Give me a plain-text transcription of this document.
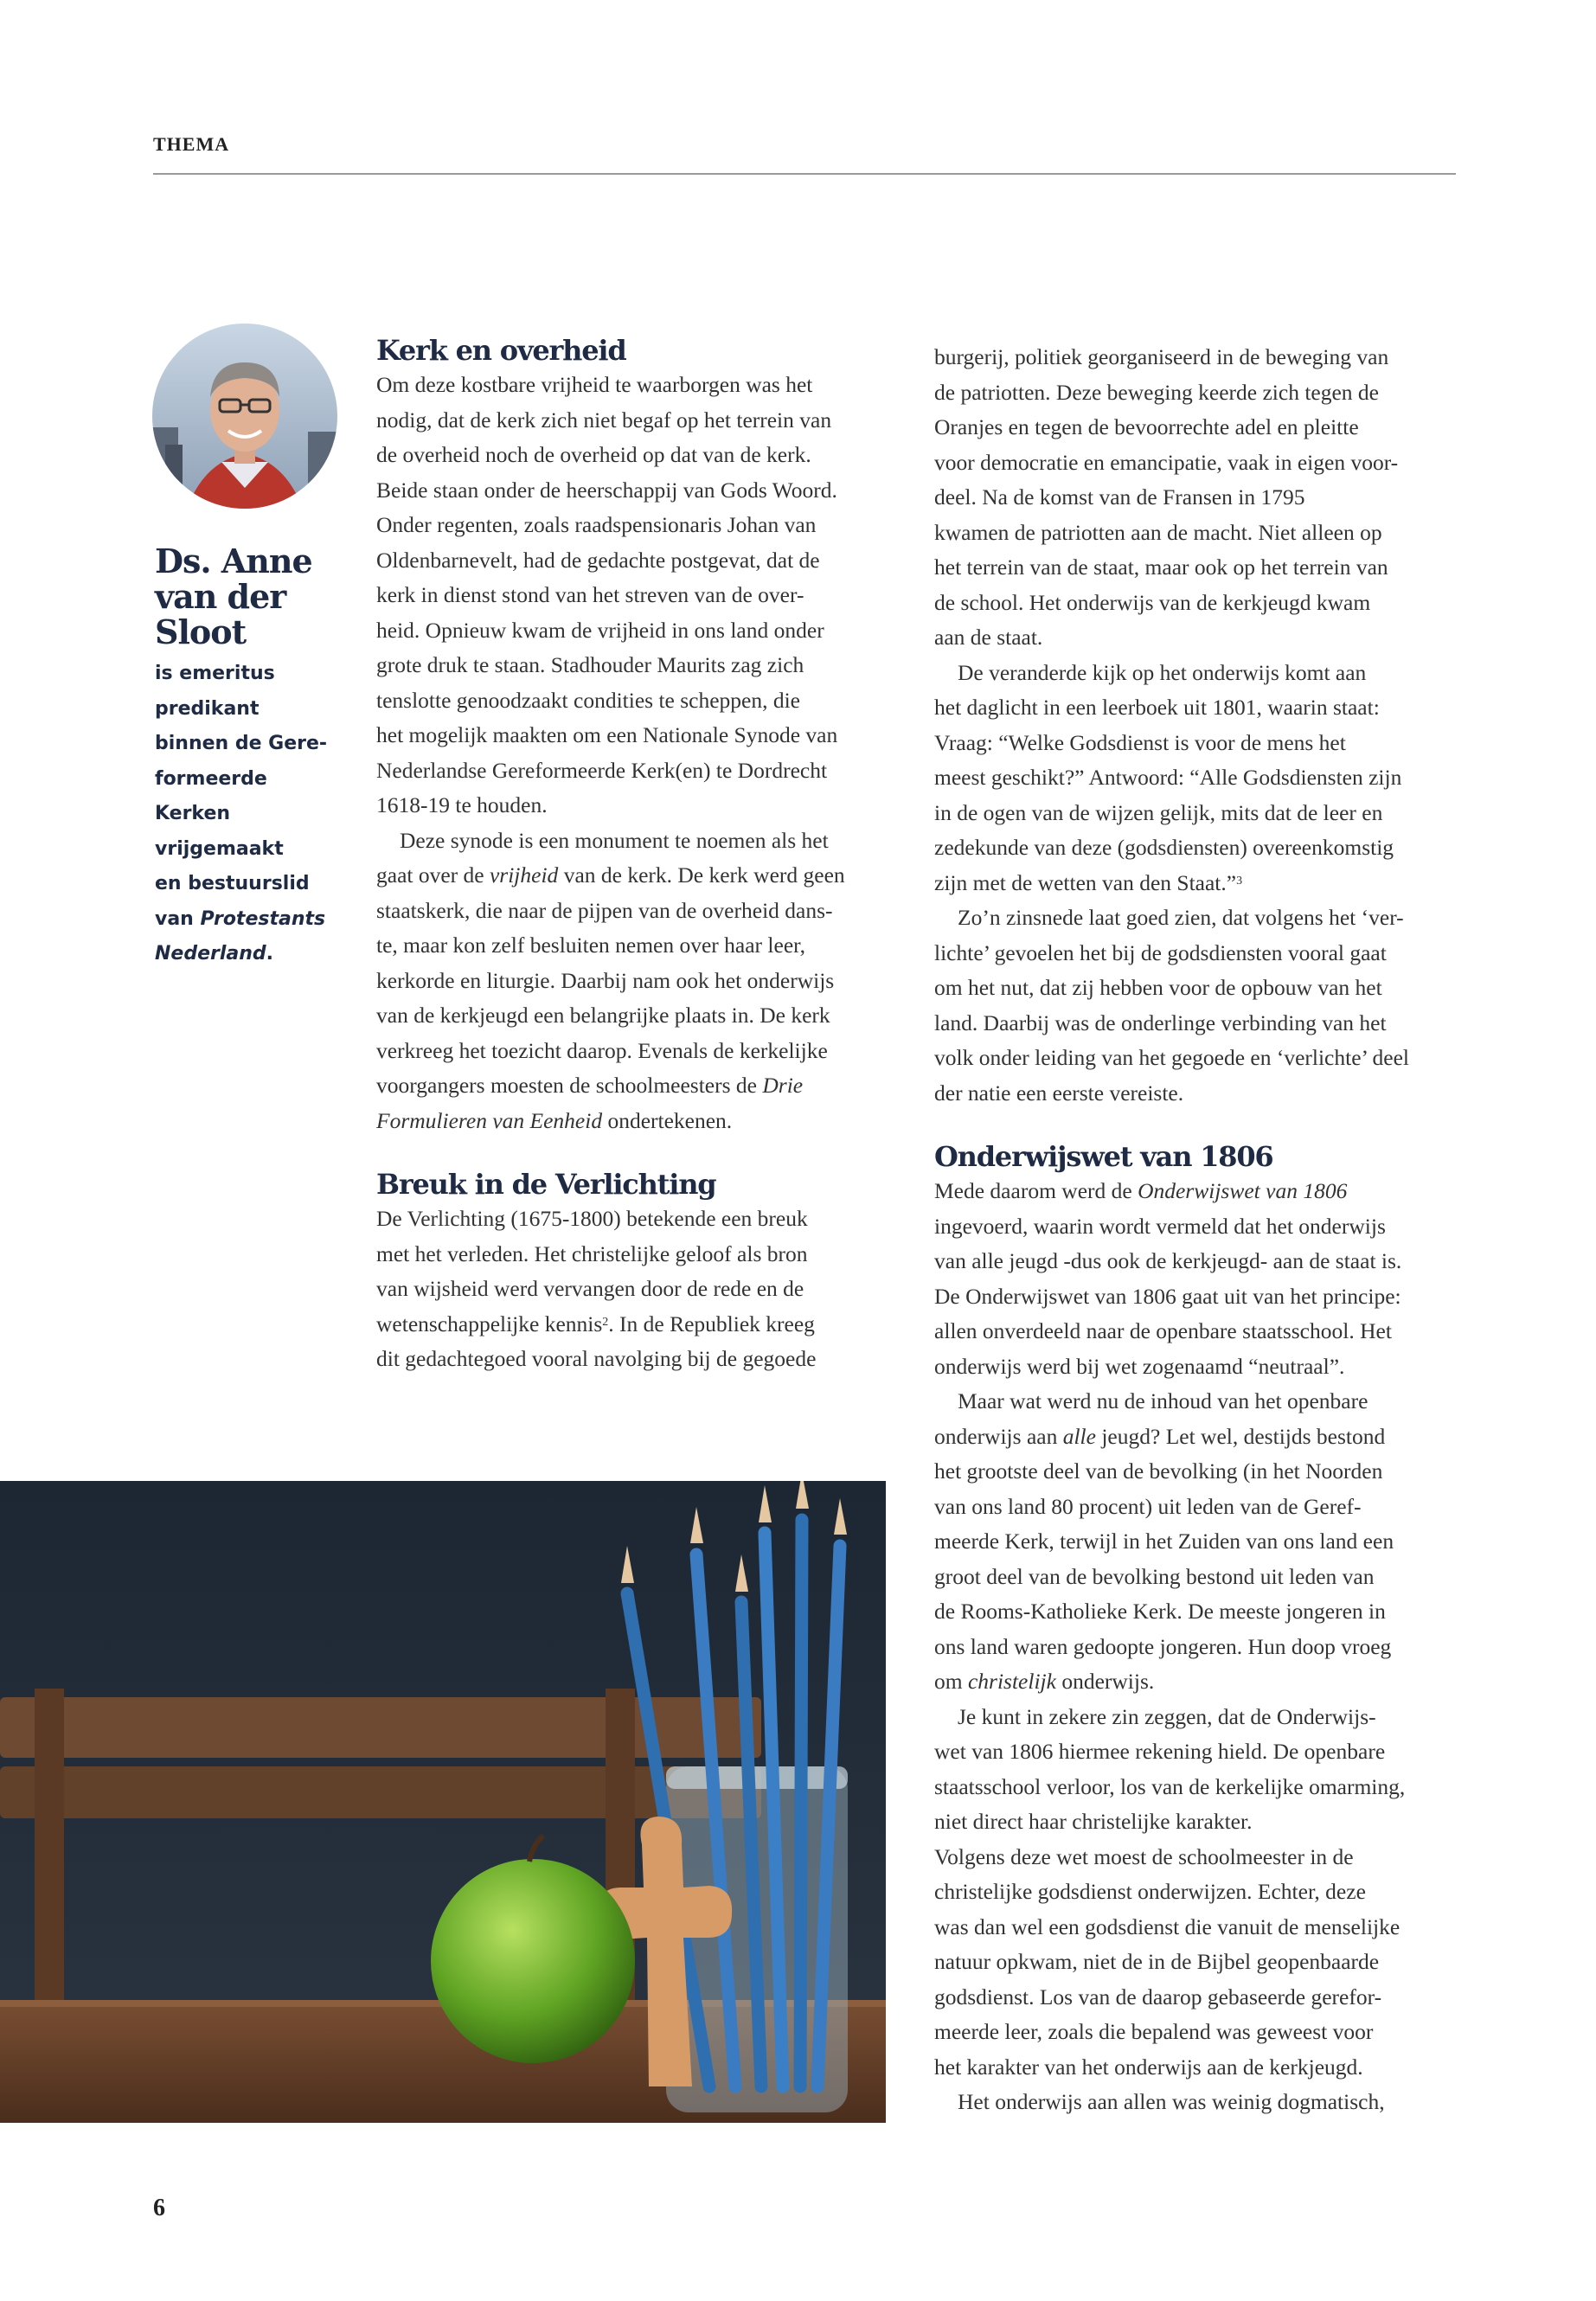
THEMA
Ds. Anne
van der
Sloot

is emeritus

predikant

binnen de Gere-

formeerde

Kerken

vrijgemaakt

en bestuurslid

van Protestants

Nederland.

Kerk en overheid

Om deze kostbare vrijheid te waarborgen was het

nodig, dat de kerk zich niet begaf op het terrein van

de overheid noch de overheid op dat van de kerk.

Beide staan onder de heerschappij van Gods Woord.

Onder regenten, zoals raadspensionaris Johan van

Oldenbarnevelt, had de gedachte postgevat, dat de

kerk in dienst stond van het streven van de over-

heid. Opnieuw kwam de vrijheid in ons land onder

grote druk te staan. Stadhouder Maurits zag zich

tenslotte genoodzaakt condities te scheppen, die

het mogelijk maakten om een Nationale Synode van

Nederlandse Gereformeerde Kerk(en) te Dordrecht

1618-19 te houden.

Deze synode is een monument te noemen als het

gaat over de vrijheid van de kerk. De kerk werd geen

staatskerk, die naar de pijpen van de overheid dans-

te, maar kon zelf besluiten nemen over haar leer,

kerkorde en liturgie. Daarbij nam ook het onderwijs

van de kerkjeugd een belangrijke plaats in. De kerk

verkreeg het toezicht daarop. Evenals de kerkelijke

voorgangers moesten de schoolmeesters de Drie

Formulieren van Eenheid ondertekenen.

Breuk in de Verlichting

De Verlichting (1675-1800) betekende een breuk

met het verleden. Het christelijke geloof als bron

van wijsheid werd vervangen door de rede en de

wetenschappelijke kennis$^2$. In de Republiek kreeg

dit gedachtegoed vooral navolging bij de gegoede

burgerij, politiek georganiseerd in de beweging van

de patriotten. Deze beweging keerde zich tegen de

Oranjes en tegen de bevoorrechte adel en pleitte

voor democratie en emancipatie, vaak in eigen voor-

deel. Na de komst van de Fransen in 1795

kwamen de patriotten aan de macht. Niet alleen op

het terrein van de staat, maar ook op het terrein van

de school. Het onderwijs van de kerkjeugd kwam

aan de staat.

De veranderde kijk op het onderwijs komt aan

het daglicht in een leerboek uit 1801, waarin staat:

Vraag: “Welke Godsdienst is voor de mens het

meest geschikt?” Antwoord: “Alle Godsdiensten zijn

in de ogen van de wijzen gelijk, mits dat de leer en

zedekunde van deze (godsdiensten) overeenkomstig

zijn met de wetten van den Staat.”$^3$

Zo’n zinsnede laat goed zien, dat volgens het ‘ver-

lichte’ gevoelen het bij de godsdiensten vooral gaat

om het nut, dat zij hebben voor de opbouw van het

land. Daarbij was de onderlinge verbinding van het

volk onder leiding van het gegoede en ‘verlichte’ deel

der natie een eerste vereiste.

Onderwijswet van 1806

Mede daarom werd de Onderwijswet van 1806

ingevoerd, waarin wordt vermeld dat het onderwijs

van alle jeugd -dus ook de kerkjeugd- aan de staat is.

De Onderwijswet van 1806 gaat uit van het principe:

allen onverdeeld naar de openbare staatsschool. Het

onderwijs werd bij wet zogenaamd “neutraal”.

Maar wat werd nu de inhoud van het openbare

onderwijs aan alle jeugd? Let wel, destijds bestond

het grootste deel van de bevolking (in het Noorden

van ons land 80 procent) uit leden van de Geref-

meerde Kerk, terwijl in het Zuiden van ons land een

groot deel van de bevolking bestond uit leden van

de Rooms-Katholieke Kerk. De meeste jongeren in

ons land waren gedoopte jongeren. Hun doop vroeg

om christelijk onderwijs.

Je kunt in zekere zin zeggen, dat de Onderwijs-

wet van 1806 hiermee rekening hield. De openbare

staatsschool verloor, los van de kerkelijke omarming,

niet direct haar christelijke karakter.

Volgens deze wet moest de schoolmeester in de

christelijke godsdienst onderwijzen. Echter, deze

was dan wel een godsdienst die vanuit de menselijke

natuur opkwam, niet de in de Bijbel geopenbaarde

godsdienst. Los van de daarop gebaseerde gerefor-

meerde leer, zoals die bepalend was geweest voor

het karakter van het onderwijs aan de kerkjeugd.

Het onderwijs aan allen was weinig dogmatisch,

6
